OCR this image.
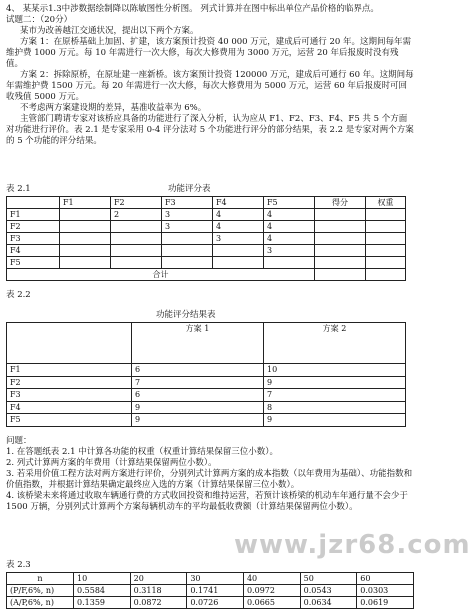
4、 某某示1.3中涉数据绘制降以陈敏图性分析图。 列式计算并在图中标出单位产品价格的临界点。

试题二：（20分）

某市为改善越江交通状况，提出以下两个方案。

方案 1：在原桥基础上加固、扩建，该方案预计投资 40 000 万元，建成后可通行 20 年。这期间每年需维护费 1000 万元。每 10 年需进行一次大修，每次大修费用为 3000 万元，运营 20 年后报废时没有残值。

方案 2：拆除原桥，在原址建一座新桥。该方案预计投资 120000 万元，建成后可通行 60 年。这期间每年需维护费 1500 万元。每 20 年需进行一次大修，每次大修费用为 5000 万元，运营 60 年后报废时可回收残值 5000 万元。

不考虑两方案建设期的差异，基准收益率为 6%。

主管部门聘请专家对该桥应具备的功能进行了深入分析，认为应从 F1、F2、F3、F4、F5 共 5 个方面对功能进行评价。表 2.1 是专家采用 0-4 评分法对 5 个功能进行评分的部分结果，表 2.2 是专家对两个方案的 5 个功能的评分结果。

表 2.1	功能评分表
	F1	F2	F3	F4	F5	得分	权重
F1		2	3	4	4		
F2			3	4	4		
F3				3	4		
F4					3		
F5							
合计							
表 2.2
功能评分结果表
	方案 1	方案 2
F1	6	10
F2	7	9
F3	6	7
F4	9	8
F5	9	9

问题：

1. 在答题纸表 2.1 中计算各功能的权重（权重计算结果保留三位小数）。

2. 列式计算两方案的年费用（计算结果保留两位小数）。

3. 若采用价值工程方法对两方案进行评价，分别列式计算两方案的成本指数（以年费用为基础）、功能指数和价值指数，并根据计算结果确定最终应入选的方案（计算结果保留三位小数）。

4. 该桥梁未来将通过收取车辆通行费的方式收回投资和维持运营，若预计该桥梁的机动车年通行量不会少于 1500 万辆，分别列式计算两个方案每辆机动车的平均最低收费额（计算结果保留两位小数）。

表 2.3
n	10	20	30	40	50	60
(P/F,6%, n)	0.5584	0.3118	0.1741	0.0972	0.0543	0.0303
(A/P,6%, n)	0.1359	0.0872	0.0726	0.0665	0.0634	0.0619
www.jzr68.com
